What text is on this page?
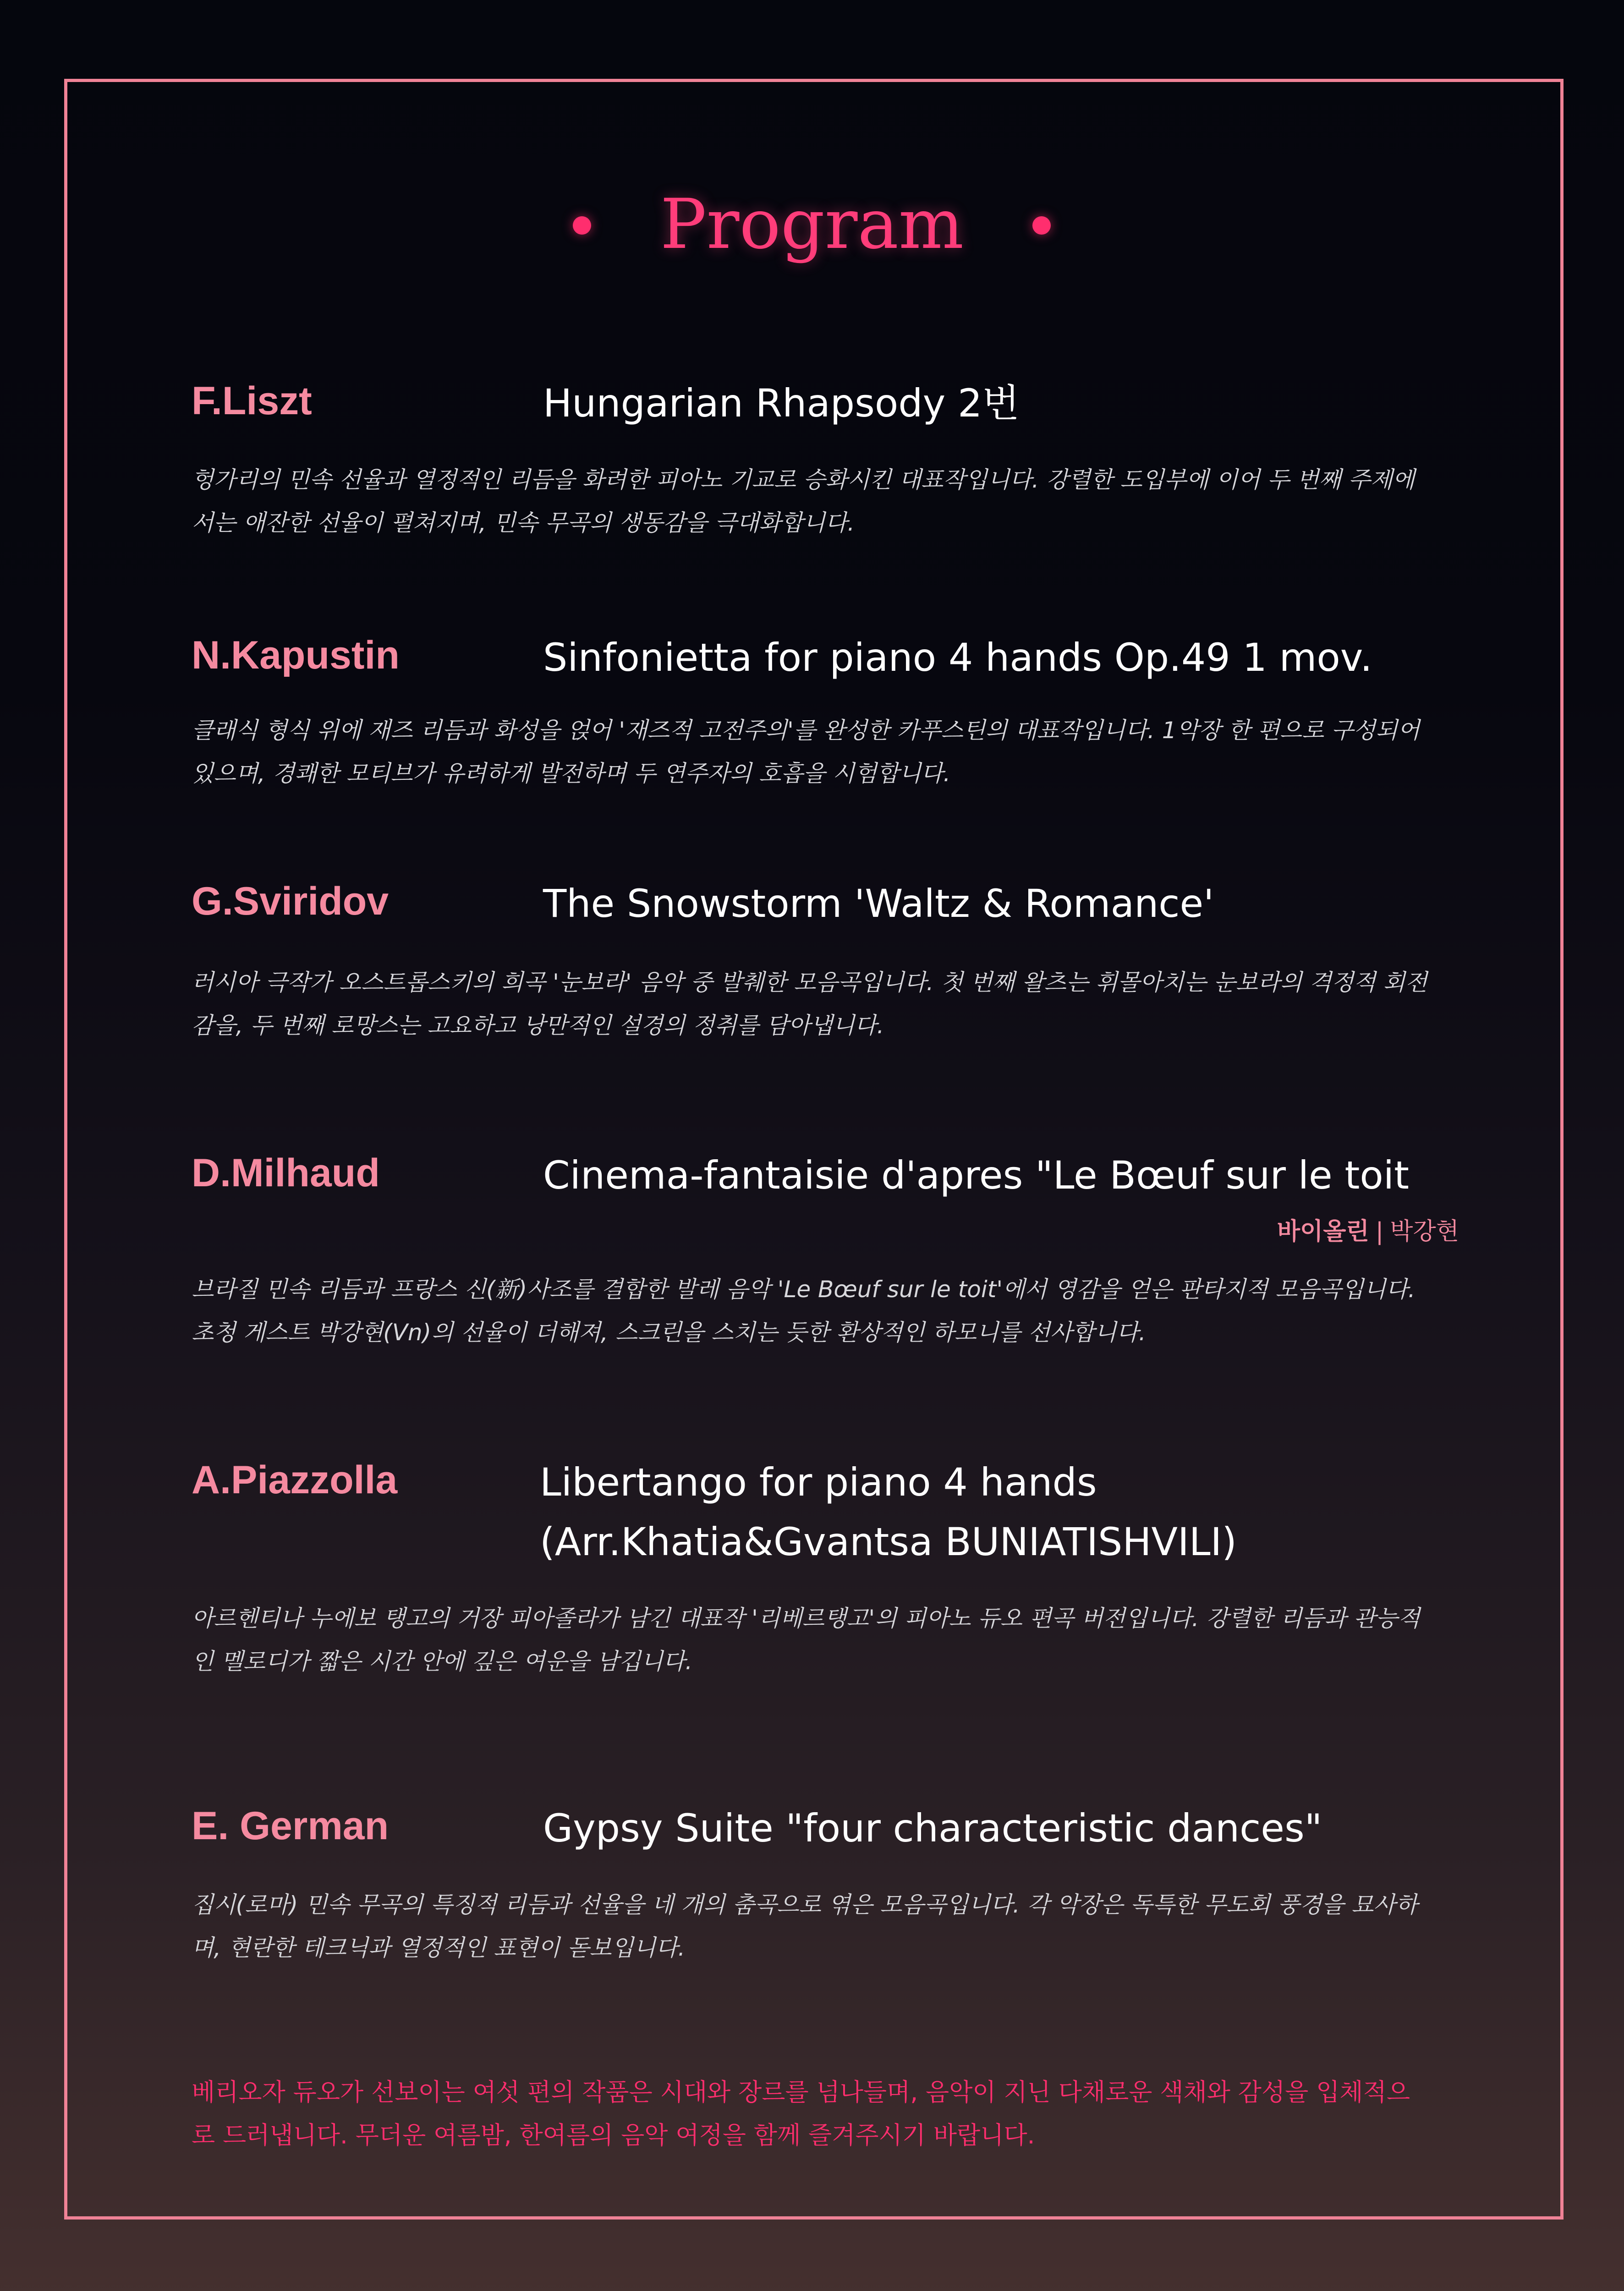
Program
F.Liszt	Hungarian Rhapsody 2번
헝가리의 민속 선율과 열정적인 리듬을 화려한 피아노 기교로 승화시킨 대표작입니다. 강렬한 도입부에 이어 두 번째 주제에
서는 애잔한 선율이 펼쳐지며, 민속 무곡의 생동감을 극대화합니다.
N.Kapustin	Sinfonietta for piano 4 hands Op.49 1 mov.
클래식 형식 위에 재즈 리듬과 화성을 얹어 '재즈적 고전주의'를 완성한 카푸스틴의 대표작입니다. 1악장 한 편으로 구성되어
있으며, 경쾌한 모티브가 유려하게 발전하며 두 연주자의 호흡을 시험합니다.
G.Sviridov	The Snowstorm 'Waltz & Romance'
러시아 극작가 오스트롭스키의 희곡 '눈보라' 음악 중 발췌한 모음곡입니다. 첫 번째 왈츠는 휘몰아치는 눈보라의 격정적 회전
감을, 두 번째 로망스는 고요하고 낭만적인 설경의 정취를 담아냅니다.
D.Milhaud	Cinema-fantaisie d'apres "Le Bœuf sur le toit
바이올린 | 박강현
브라질 민속 리듬과 프랑스 신(新)사조를 결합한 발레 음악 'Le Bœuf sur le toit'에서 영감을 얻은 판타지적 모음곡입니다.
초청 게스트 박강현(Vn)의 선율이 더해져, 스크린을 스치는 듯한 환상적인 하모니를 선사합니다.
A.Piazzolla	Libertango for piano 4 hands
(Arr.Khatia&Gvantsa BUNIATISHVILI)
아르헨티나 누에보 탱고의 거장 피아졸라가 남긴 대표작 '리베르탱고'의 피아노 듀오 편곡 버전입니다. 강렬한 리듬과 관능적
인 멜로디가 짧은 시간 안에 깊은 여운을 남깁니다.
E. German	Gypsy Suite "four characteristic dances"
집시(로마) 민속 무곡의 특징적 리듬과 선율을 네 개의 춤곡으로 엮은 모음곡입니다. 각 악장은 독특한 무도회 풍경을 묘사하
며, 현란한 테크닉과 열정적인 표현이 돋보입니다.
베리오자 듀오가 선보이는 여섯 편의 작품은 시대와 장르를 넘나들며, 음악이 지닌 다채로운 색채와 감성을 입체적으
로 드러냅니다. 무더운 여름밤, 한여름의 음악 여정을 함께 즐겨주시기 바랍니다.
